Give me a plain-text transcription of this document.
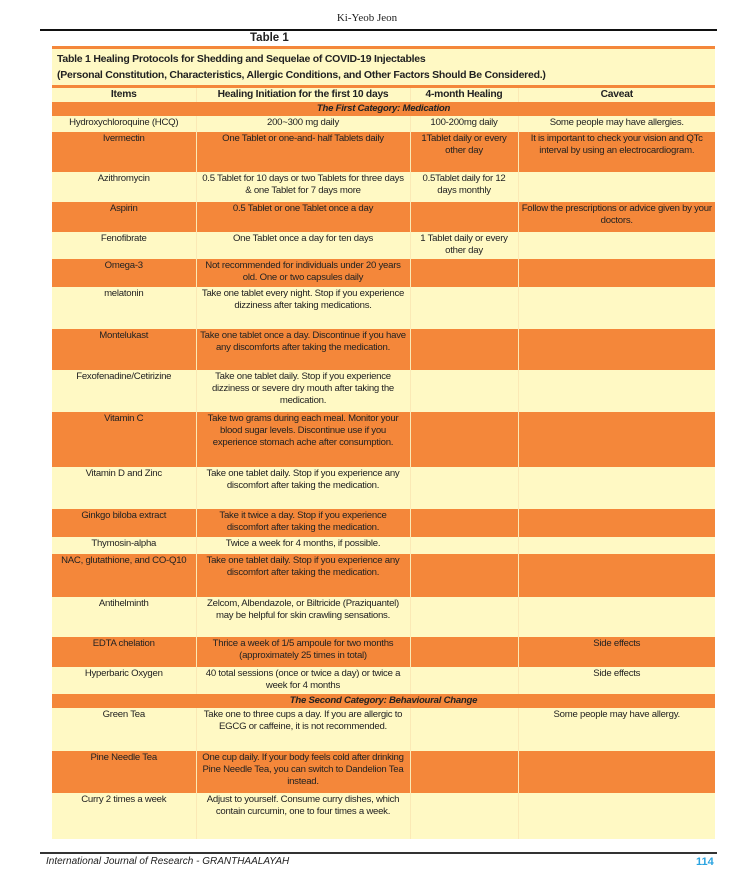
Ki-Yeob Jeon
Table 1
Table 1 Healing Protocols for Shedding and Sequelae of COVID-19 Injectables
(Personal Constitution, Characteristics, Allergic Conditions, and Other Factors Should Be Considered.)			

Items	Healing Initiation for the first 10 days	4-month Healing	Caveat
The First Category: Medication			
Hydroxychloroquine (HCQ)	200~300 mg daily	100-200mg daily	Some people may have allergies.
Ivermectin	One Tablet or one-and- half Tablets daily	1Tablet daily or every other day	It is important to check your vision and QTc interval by using an electrocardiogram.
Azithromycin	0.5 Tablet for 10 days or two Tablets for three days & one Tablet for 7 days more	0.5Tablet daily for 12 days monthly	
Aspirin	0.5 Tablet or one Tablet once a day		Follow the prescriptions or advice given by your doctors.
Fenofibrate	One Tablet once a day for ten days	1 Tablet daily or every other day	
Omega-3	Not recommended for individuals under 20 years old. One or two capsules daily		
melatonin	Take one tablet every night. Stop if you experience dizziness after taking medications.		
Montelukast	Take one tablet once a day. Discontinue if you have any discomforts after taking the medication.		
Fexofenadine/Cetirizine	Take one tablet daily. Stop if you experience dizziness or severe dry mouth after taking the medication.		
Vitamin C	Take two grams during each meal. Monitor your blood sugar levels. Discontinue use if you experience stomach ache after consumption.		
Vitamin D and Zinc	Take one tablet daily. Stop if you experience any discomfort after taking the medication.		
Ginkgo biloba extract	Take it twice a day. Stop if you experience discomfort after taking the medication.		
Thymosin-alpha	Twice a week for 4 months, if possible.		
NAC, glutathione, and CO-Q10	Take one tablet daily. Stop if you experience any discomfort after taking the medication.		
Antihelminth	Zelcom, Albendazole, or Biltricide (Praziquantel) may be helpful for skin crawling sensations.		
EDTA chelation	Thrice a week of 1/5 ampoule for two months (approximately 25 times in total)		Side effects
Hyperbaric Oxygen	40 total sessions (once or twice a day) or twice a week for 4 months		Side effects
The Second Category: Behavioural Change			
Green Tea	Take one to three cups a day. If you are allergic to EGCG or caffeine, it is not recommended.		Some people may have allergy.
Pine Needle Tea	One cup daily. If your body feels cold after drinking Pine Needle Tea, you can switch to Dandelion Tea instead.		
Curry 2 times a week	Adjust to yourself. Consume curry dishes, which contain curcumin, one to four times a week.		
International Journal of Research - GRANTHAALAYAH	114
